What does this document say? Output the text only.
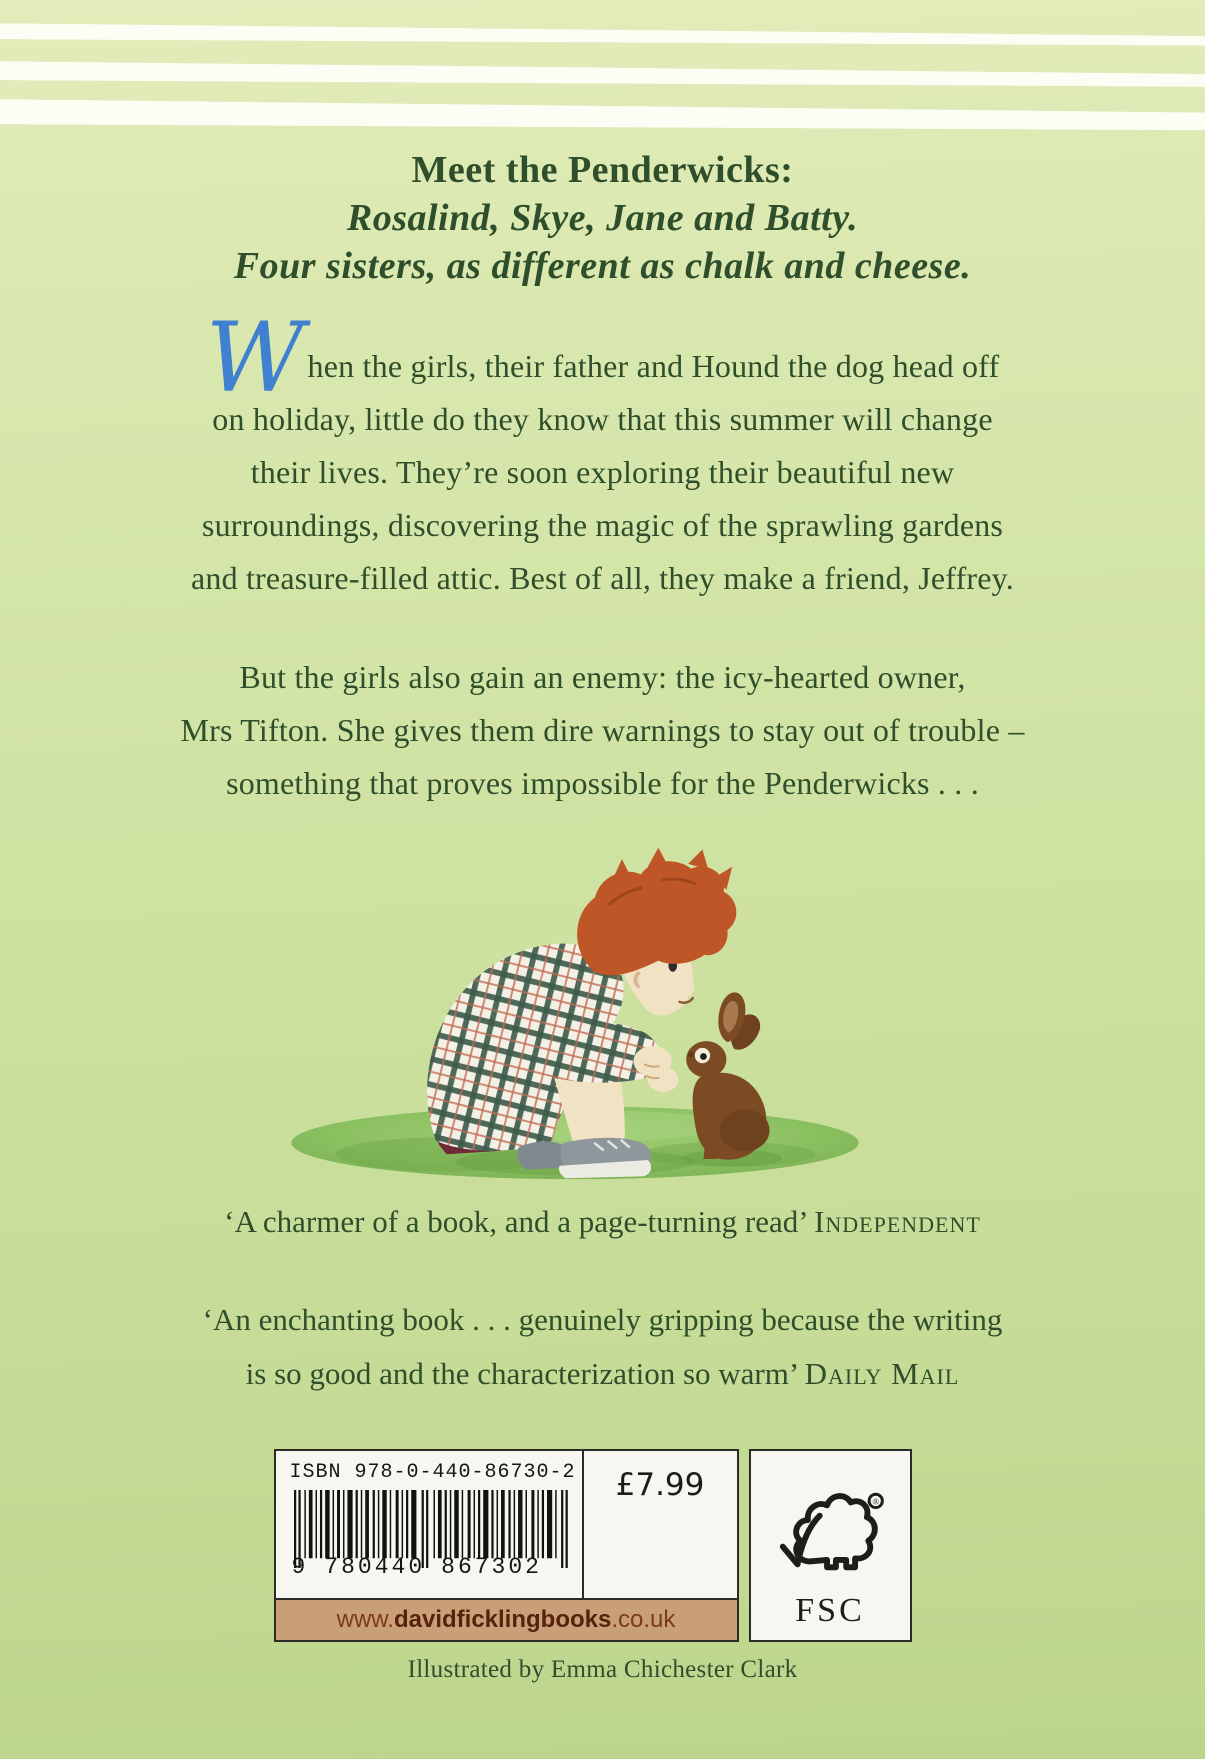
Meet the Penderwicks:
Rosalind, Skye, Jane and Batty.
Four sisters, as different as chalk and cheese.
When the girls, their father and Hound the dog head off
on holiday, little do they know that this summer will change
their lives. They’re soon exploring their beautiful new
surroundings, discovering the magic of the sprawling gardens
and treasure-filled attic. Best of all, they make a friend, Jeffrey.
But the girls also gain an enemy: the icy-hearted owner,
Mrs Tifton. She gives them dire warnings to stay out of trouble –
something that proves impossible for the Penderwicks . . .
‘A charmer of a book, and a page-turning read’ Independent
‘An enchanting book . . . genuinely gripping because the writing
is so good and the characterization so warm’ Daily Mail
ISBN 978-0-440-86730-2
9 780440 867302
£7.99
www. davidficklingbooks .co.uk
®
FSC
Illustrated by Emma Chichester Clark
